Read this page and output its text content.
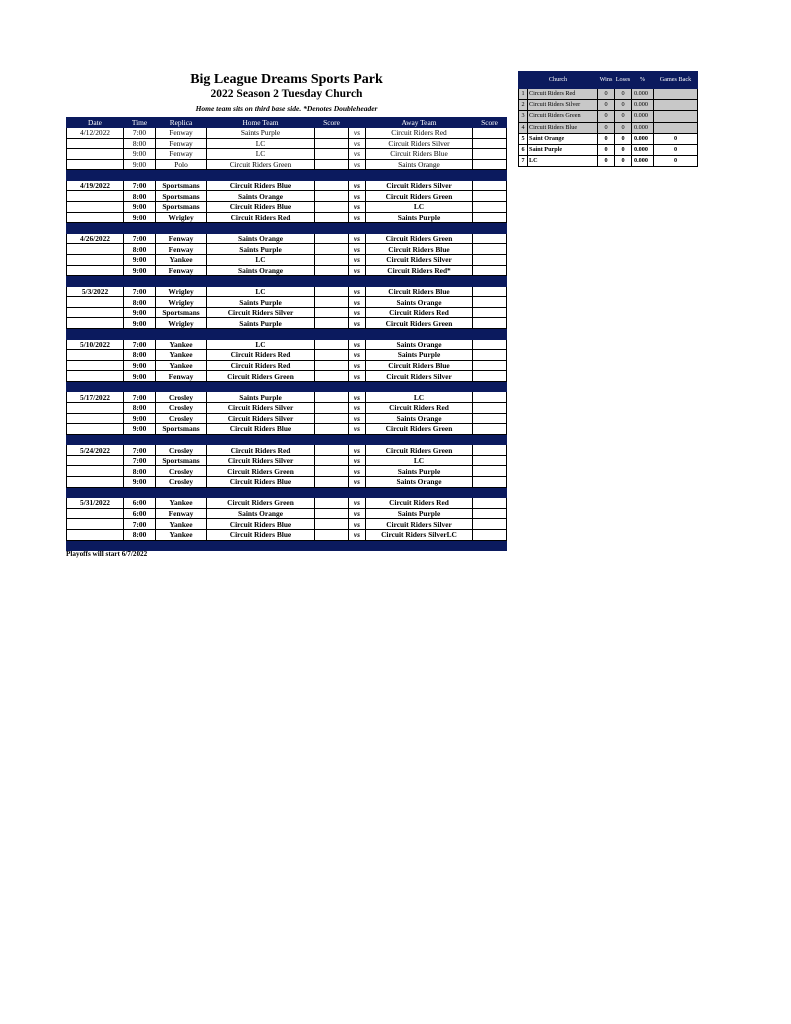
Big League Dreams Sports Park
2022 Season 2 Tuesday Church
Home team sits on third base side. *Denotes Doubleheader
Date	Time	Replica	Home Team	Score		Away Team	Score
4/12/2022	7:00	Fenway	Saints Purple		vs	Circuit Riders Red	
	8:00	Fenway	LC		vs	Circuit Riders Silver	
	9:00	Fenway	LC		vs	Circuit Riders Blue	
	9:00	Polo	Circuit Riders Green		vs	Saints Orange	

4/19/2022	7:00	Sportsmans	Circuit Riders Blue		vs	Circuit Riders Silver	
	8:00	Sportsmans	Saints Orange		vs	Circuit Riders Green	
	9:00	Sportsmans	Circuit Riders Blue		vs	LC	
	9:00	Wrigley	Circuit Riders Red		vs	Saints Purple	

4/26/2022	7:00	Fenway	Saints Orange		vs	Circuit Riders Green	
	8:00	Fenway	Saints Purple		vs	Circuit Riders Blue	
	9:00	Yankee	LC		vs	Circuit Riders Silver	
	9:00	Fenway	Saints Orange		vs	Circuit Riders Red*	

5/3/2022	7:00	Wrigley	LC		vs	Circuit Riders Blue	
	8:00	Wrigley	Saints Purple		vs	Saints Orange	
	9:00	Sportsmans	Circuit Riders Silver		vs	Circuit Riders Red	
	9:00	Wrigley	Saints Purple		vs	Circuit Riders Green	

5/10/2022	7:00	Yankee	LC		vs	Saints Orange	
	8:00	Yankee	Circuit Riders Red		vs	Saints Purple	
	9:00	Yankee	Circuit Riders Red		vs	Circuit Riders Blue	
	9:00	Fenway	Circuit Riders Green		vs	Circuit Riders Silver	

5/17/2022	7:00	Crosley	Saints Purple		vs	LC	
	8:00	Crosley	Circuit Riders Silver		vs	Circuit Riders Red	
	9:00	Crosley	Circuit Riders Silver		vs	Saints Orange	
	9:00	Sportsmans	Circuit Riders Blue		vs	Circuit Riders Green	

5/24/2022	7:00	Crosley	Circuit Riders Red		vs	Circuit Riders Green	
	7:00	Sportsmans	Circuit Riders Silver		vs	LC	
	8:00	Crosley	Circuit Riders Green		vs	Saints Purple	
	9:00	Crosley	Circuit Riders Blue		vs	Saints Orange	

5/31/2022	6:00	Yankee	Circuit Riders Green		vs	Circuit Riders Red	
	6:00	Fenway	Saints Orange		vs	Saints Purple	
	7:00	Yankee	Circuit Riders Blue		vs	Circuit Riders Silver	
	8:00	Yankee	Circuit Riders Blue		vs	Circuit Riders SilverLC	

Playoffs will start 6/7/2022
Church		Wins	Loses	%	Games Back
1	Circuit Riders Red	0	0	0.000	
2	Circuit Riders Silver	0	0	0.000	
3	Circuit Riders Green	0	0	0.000	
4	Circuit Riders Blue	0	0	0.000	
5	Saint Orange	0	0	0.000	0
6	Saint Purple	0	0	0.000	0
7	LC	0	0	0.000	0
